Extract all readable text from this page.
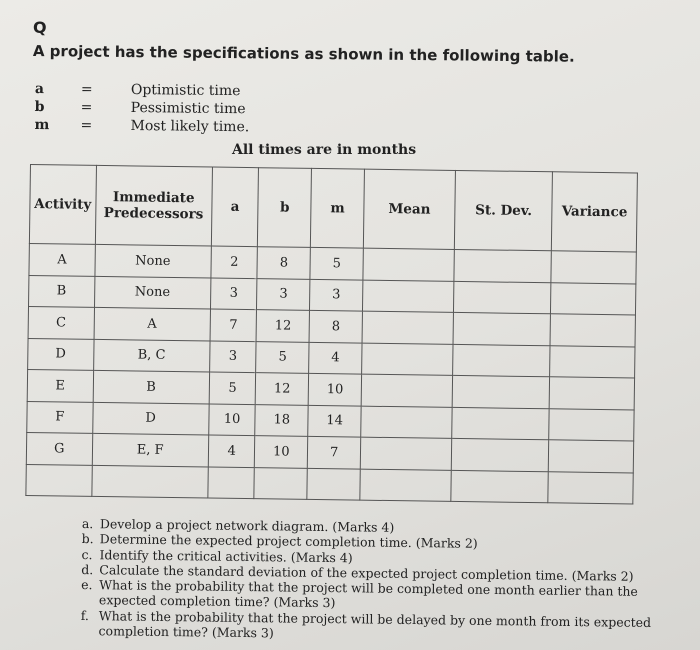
Q
A project has the specifications as shown in the following table.
a	=	Optimistic time
b	=	Pessimistic time
m	=	Most likely time.
All times are in months
Activity	Immediate Predecessors	a	b	m	Mean	St. Dev.	Variance
A	None	2	8	5			
B	None	3	3	3			
C	A	7	12	8			
D	B, C	3	5	4			
E	B	5	12	10			
F	D	10	18	14			
G	E, F	4	10	7			

a. Develop a project network diagram. (Marks 4)
b. Determine the expected project completion time. (Marks 2)
c. Identify the critical activities. (Marks 4)
d. Calculate the standard deviation of the expected project completion time. (Marks 2)
e. What is the probability that the project will be completed one month earlier than the expected completion time? (Marks 3)
f. What is the probability that the project will be delayed by one month from its expected completion time? (Marks 3)
